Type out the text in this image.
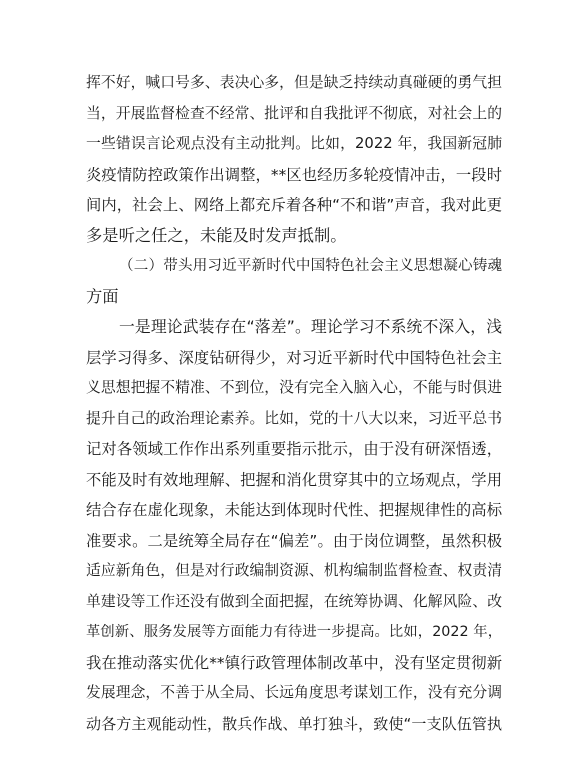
挥不好，喊口号多、表决心多，但是缺乏持续动真碰硬的勇气担
当，开展监督检查不经常、批评和自我批评不彻底，对社会上的
一些错误言论观点没有主动批判。比如，2022 年，我国新冠肺
炎疫情防控政策作出调整，**区也经历多轮疫情冲击，一段时
间内，社会上、网络上都充斥着各种“不和谐”声音，我对此更
多是听之任之，未能及时发声抵制。
（二）带头用习近平新时代中国特色社会主义思想凝心铸魂
方面
一是理论武装存在“落差”。理论学习不系统不深入，浅
层学习得多、深度钻研得少，对习近平新时代中国特色社会主
义思想把握不精准、不到位，没有完全入脑入心，不能与时俱进
提升自己的政治理论素养。比如，党的十八大以来，习近平总书
记对各领域工作作出系列重要指示批示，由于没有研深悟透，
不能及时有效地理解、把握和消化贯穿其中的立场观点，学用
结合存在虚化现象，未能达到体现时代性、把握规律性的高标
准要求。二是统筹全局存在“偏差”。由于岗位调整，虽然积极
适应新角色，但是对行政编制资源、机构编制监督检查、权责清
单建设等工作还没有做到全面把握，在统筹协调、化解风险、改
革创新、服务发展等方面能力有待进一步提高。比如，2022 年，
我在推动落实优化**镇行政管理体制改革中，没有坚定贯彻新
发展理念，不善于从全局、长远角度思考谋划工作，没有充分调
动各方主观能动性，散兵作战、单打独斗，致使“一支队伍管执
